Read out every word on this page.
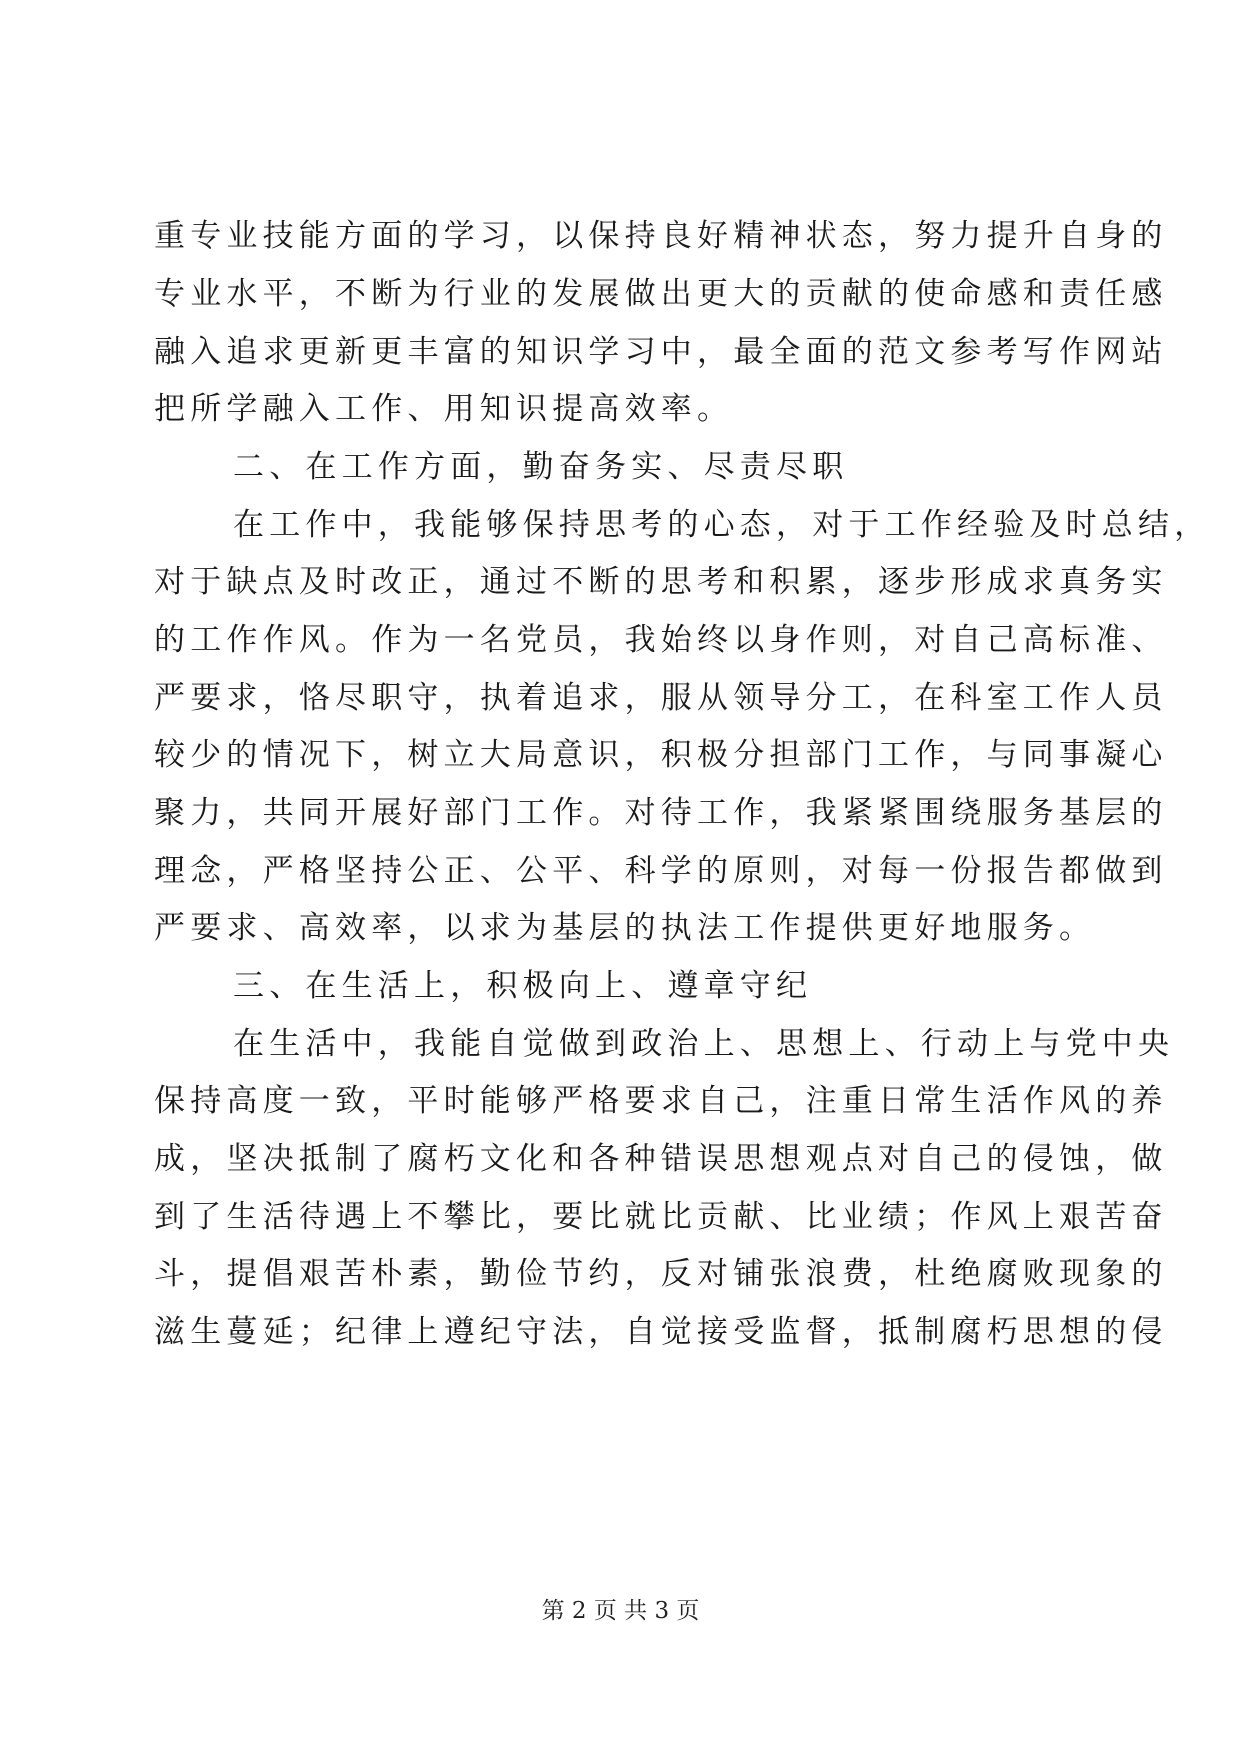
重专业技能方面的学习，以保持良好精神状态，努力提升自身的
专业水平，不断为行业的发展做出更大的贡献的使命感和责任感
融入追求更新更丰富的知识学习中，最全面的范文参考写作网站
把所学融入工作、用知识提高效率。
二、在工作方面，勤奋务实、尽责尽职
在工作中，我能够保持思考的心态，对于工作经验及时总结，
对于缺点及时改正，通过不断的思考和积累，逐步形成求真务实
的工作作风。作为一名党员，我始终以身作则，对自己高标准、
严要求，恪尽职守，执着追求，服从领导分工，在科室工作人员
较少的情况下，树立大局意识，积极分担部门工作，与同事凝心
聚力，共同开展好部门工作。对待工作，我紧紧围绕服务基层的
理念，严格坚持公正、公平、科学的原则，对每一份报告都做到
严要求、高效率，以求为基层的执法工作提供更好地服务。
三、在生活上，积极向上、遵章守纪
在生活中，我能自觉做到政治上、思想上、行动上与党中央
保持高度一致，平时能够严格要求自己，注重日常生活作风的养
成，坚决抵制了腐朽文化和各种错误思想观点对自己的侵蚀，做
到了生活待遇上不攀比，要比就比贡献、比业绩；作风上艰苦奋
斗，提倡艰苦朴素，勤俭节约，反对铺张浪费，杜绝腐败现象的
滋生蔓延；纪律上遵纪守法，自觉接受监督，抵制腐朽思想的侵
第 2 页 共 3 页
